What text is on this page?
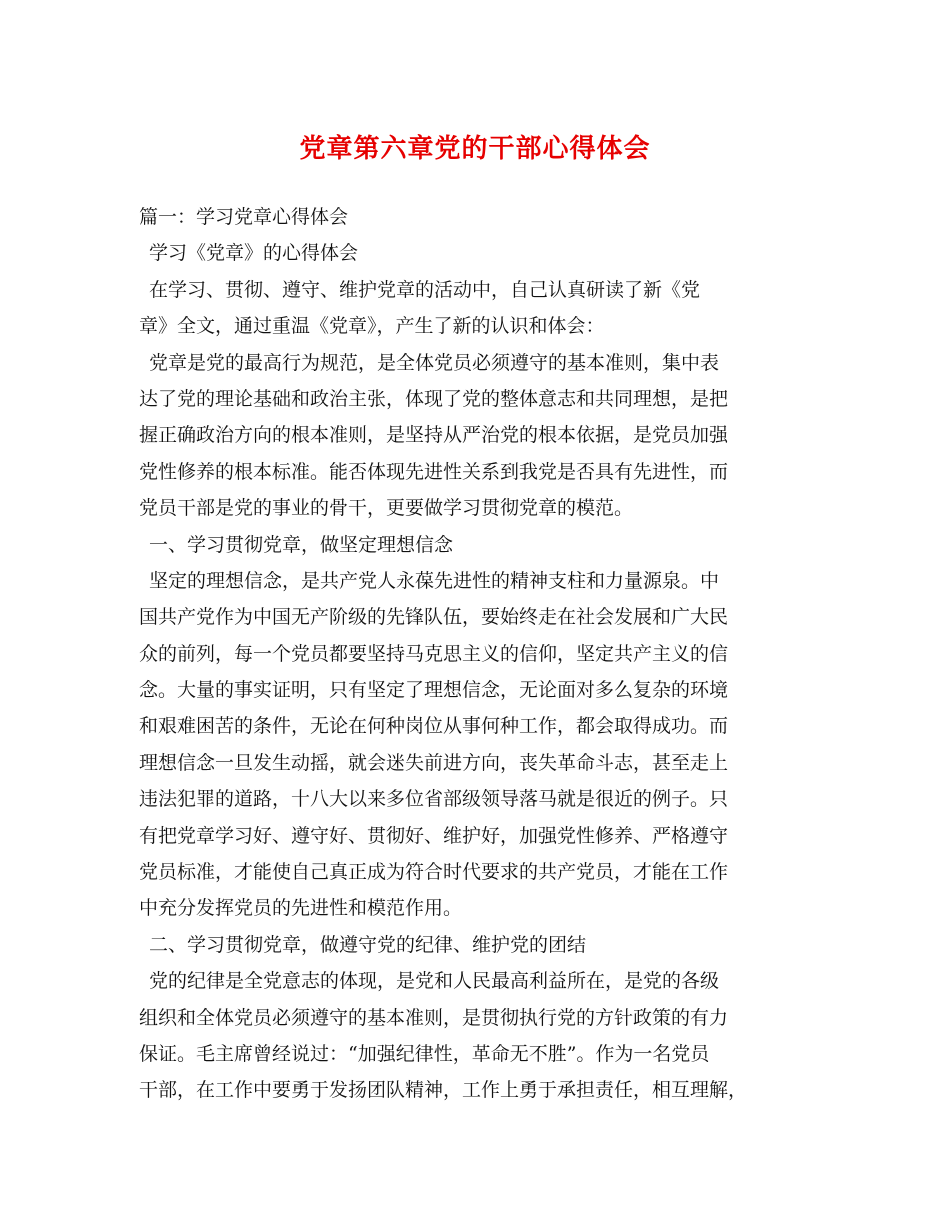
党章第六章党的干部心得体会

篇一：学习党章心得体会

学习《党章》的心得体会

在学习、贯彻、遵守、维护党章的活动中，自己认真研读了新《党

章》全文，通过重温《党章》，产生了新的认识和体会：

党章是党的最高行为规范，是全体党员必须遵守的基本准则，集中表

达了党的理论基础和政治主张，体现了党的整体意志和共同理想，是把

握正确政治方向的根本准则，是坚持从严治党的根本依据，是党员加强

党性修养的根本标准。能否体现先进性关系到我党是否具有先进性，而

党员干部是党的事业的骨干，更要做学习贯彻党章的模范。

一、学习贯彻党章，做坚定理想信念

坚定的理想信念，是共产党人永葆先进性的精神支柱和力量源泉。中

国共产党作为中国无产阶级的先锋队伍，要始终走在社会发展和广大民

众的前列，每一个党员都要坚持马克思主义的信仰，坚定共产主义的信

念。大量的事实证明，只有坚定了理想信念，无论面对多么复杂的环境

和艰难困苦的条件，无论在何种岗位从事何种工作，都会取得成功。而

理想信念一旦发生动摇，就会迷失前进方向，丧失革命斗志，甚至走上

违法犯罪的道路，十八大以来多位省部级领导落马就是很近的例子。只

有把党章学习好、遵守好、贯彻好、维护好，加强党性修养、严格遵守

党员标准，才能使自己真正成为符合时代要求的共产党员，才能在工作

中充分发挥党员的先进性和模范作用。

二、学习贯彻党章，做遵守党的纪律、维护党的团结

党的纪律是全党意志的体现，是党和人民最高利益所在，是党的各级

组织和全体党员必须遵守的基本准则，是贯彻执行党的方针政策的有力

保证。毛主席曾经说过：“加强纪律性，革命无不胜”。作为一名党员

干部，在工作中要勇于发扬团队精神，工作上勇于承担责任，相互理解，
